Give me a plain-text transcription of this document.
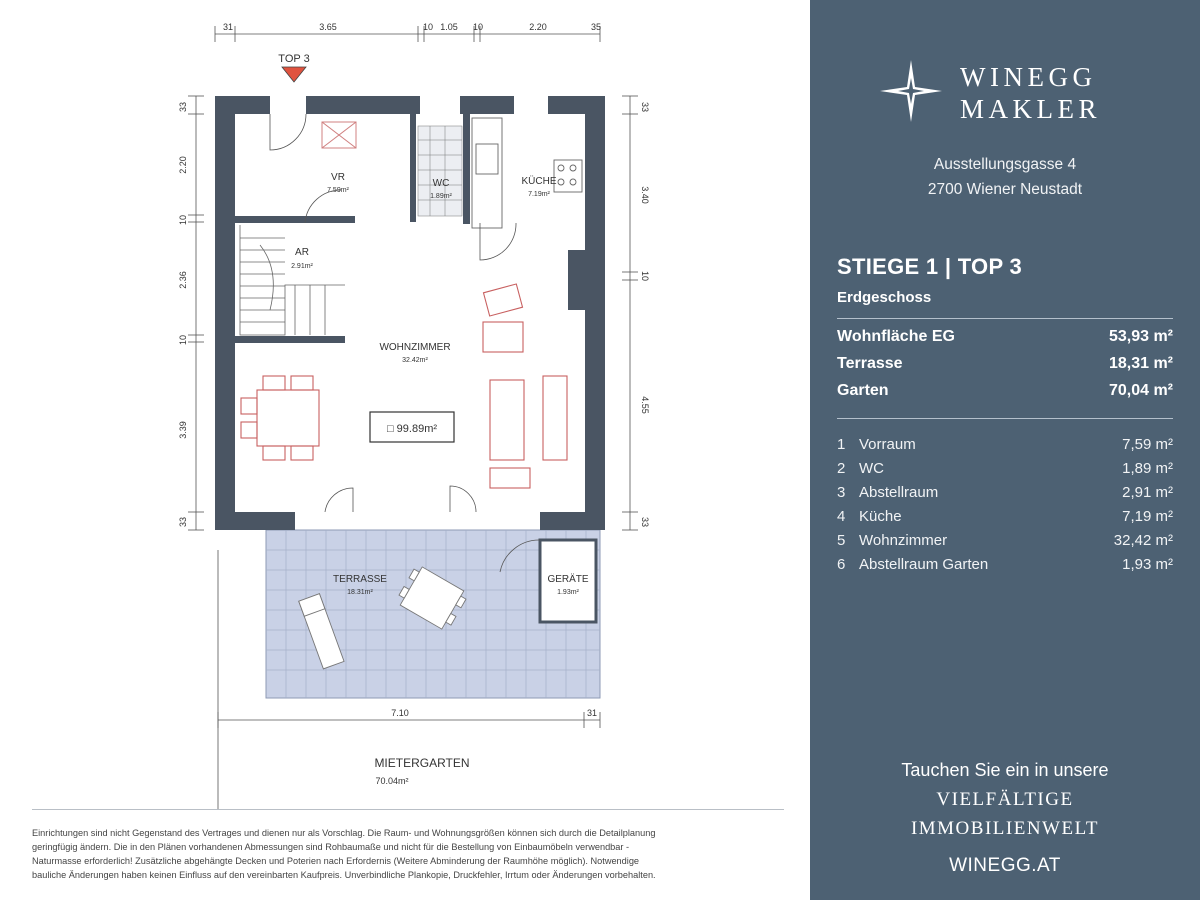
31	3.65	10 1.05 10	2.20	35
7.10	31
33
2.20
10
2.36
10
3.39
33
33
3.40
10
4.55
33
TOP 3
VR
7.59m²
WC
1.89m²
KÜCHE
7.19m²
AR
2.91m²
WOHNZIMMER
32.42m²
TERRASSE
18.31m²
GERÄTE
1.93m²
MIETERGARTEN
70.04m²
□ 99.89m²
Einrichtungen sind nicht Gegenstand des Vertrages und dienen nur als Vorschlag. Die Raum- und Wohnungsgrößen können sich durch die Detailplanung
geringfügig ändern. Die in den Plänen vorhandenen Abmessungen sind Rohbaumaße und nicht für die Bestellung von Einbaumöbeln verwendbar -
Naturmasse erforderlich! Zusätzliche abgehängte Decken und Poterien nach Erfordernis (Weitere Abminderung der Raumhöhe möglich). Notwendige
bauliche Änderungen haben keinen Einfluss auf den vereinbarten Kaufpreis. Unverbindliche Plankopie, Druckfehler, Irrtum oder Änderungen vorbehalten.
WINEGG
MAKLER
Ausstellungsgasse 4
2700 Wiener Neustadt
STIEGE 1 | TOP 3
Erdgeschoss
Wohnfläche EG	53,93 m²
Terrasse	18,31 m²
Garten	70,04 m²
1 Vorraum	7,59 m²
2 WC	1,89 m²
3 Abstellraum	2,91 m²
4 Küche	7,19 m²
5 Wohnzimmer	32,42 m²
6 Abstellraum Garten	1,93 m²
Tauchen Sie ein in unsere
VIELFÄLTIGE
IMMOBILIENWELT
WINEGG.AT
